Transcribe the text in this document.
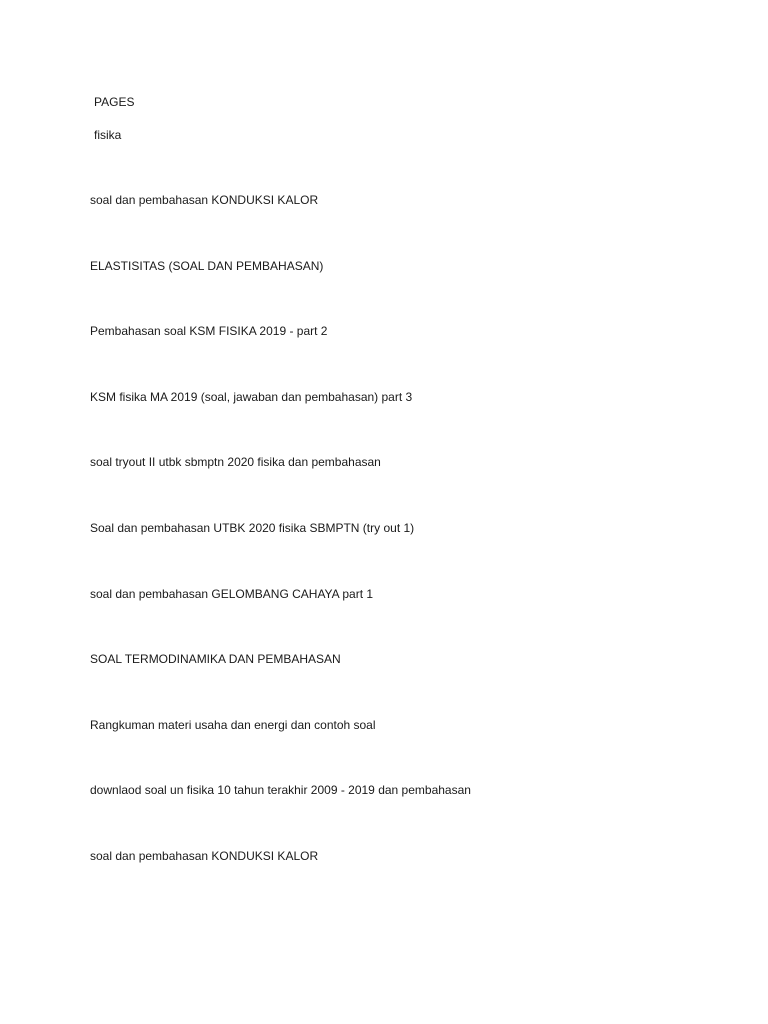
PAGES
fisika
soal dan pembahasan KONDUKSI KALOR
ELASTISITAS (SOAL DAN PEMBAHASAN)
Pembahasan soal KSM FISIKA 2019 - part 2
KSM fisika MA 2019 (soal, jawaban dan pembahasan) part 3
soal tryout II utbk sbmptn 2020 fisika dan pembahasan
Soal dan pembahasan UTBK 2020 fisika SBMPTN (try out 1)
soal dan pembahasan GELOMBANG CAHAYA part 1
SOAL TERMODINAMIKA DAN PEMBAHASAN
Rangkuman materi usaha dan energi dan contoh soal
downlaod soal un fisika 10 tahun terakhir 2009 - 2019 dan pembahasan
soal dan pembahasan KONDUKSI KALOR
